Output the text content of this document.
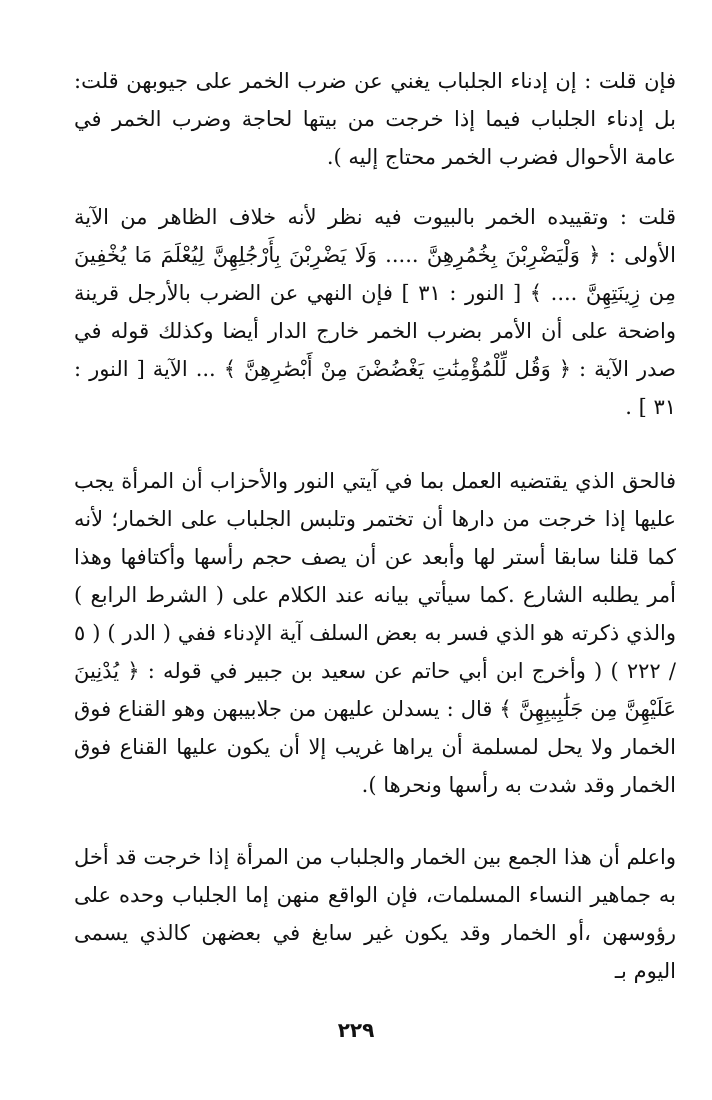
فإن قلت : إن إدناء الجلباب يغني عن ضرب الخمر على جيوبهن قلت: بل إدناء الجلباب فيما إذا خرجت من بيتها لحاجة وضرب الخمر في عامة الأحوال فضرب الخمر محتاج إليه ).

قلت : وتقييده الخمر بالبيوت فيه نظر لأنه خلاف الظاهر من الآية الأولى : ﴿ وَلْيَضْرِبْنَ بِخُمُرِهِنَّ ..... وَلَا يَضْرِبْنَ بِأَرْجُلِهِنَّ لِيُعْلَمَ مَا يُخْفِينَ مِن زِينَتِهِنَّ .... ﴾ [ النور : ٣١ ] فإن النهي عن الضرب بالأرجل قرينة واضحة على أن الأمر بضرب الخمر خارج الدار أيضا وكذلك قوله في صدر الآية : ﴿ وَقُل لِّلْمُؤْمِنَٰتِ يَغْضُضْنَ مِنْ أَبْصَٰرِهِنَّ ﴾ ... الآية [ النور : ٣١ ] .

فالحق الذي يقتضيه العمل بما في آيتي النور والأحزاب أن المرأة يجب عليها إذا خرجت من دارها أن تختمر وتلبس الجلباب على الخمار؛ لأنه كما قلنا سابقا أستر لها وأبعد عن أن يصف حجم رأسها وأكتافها وهذا أمر يطلبه الشارع .كما سيأتي بيانه عند الكلام على ( الشرط الرابع ) والذي ذكرته هو الذي فسر به بعض السلف آية الإدناء ففي ( الدر ) ( ٥ / ٢٢٢ ) ( وأخرج ابن أبي حاتم عن سعيد بن جبير في قوله : ﴿ يُدْنِينَ عَلَيْهِنَّ مِن جَلَٰبِيبِهِنَّ ﴾ قال : يسدلن عليهن من جلابيبهن وهو القناع فوق الخمار ولا يحل لمسلمة أن يراها غريب إلا أن يكون عليها القناع فوق الخمار وقد شدت به رأسها ونحرها ).

واعلم أن هذا الجمع بين الخمار والجلباب من المرأة إذا خرجت قد أخل به جماهير النساء المسلمات، فإن الواقع منهن إما الجلباب وحده على رؤوسهن ،أو الخمار وقد يكون غير سابغ في بعضهن كالذي يسمى اليوم بـ

٢٢٩
